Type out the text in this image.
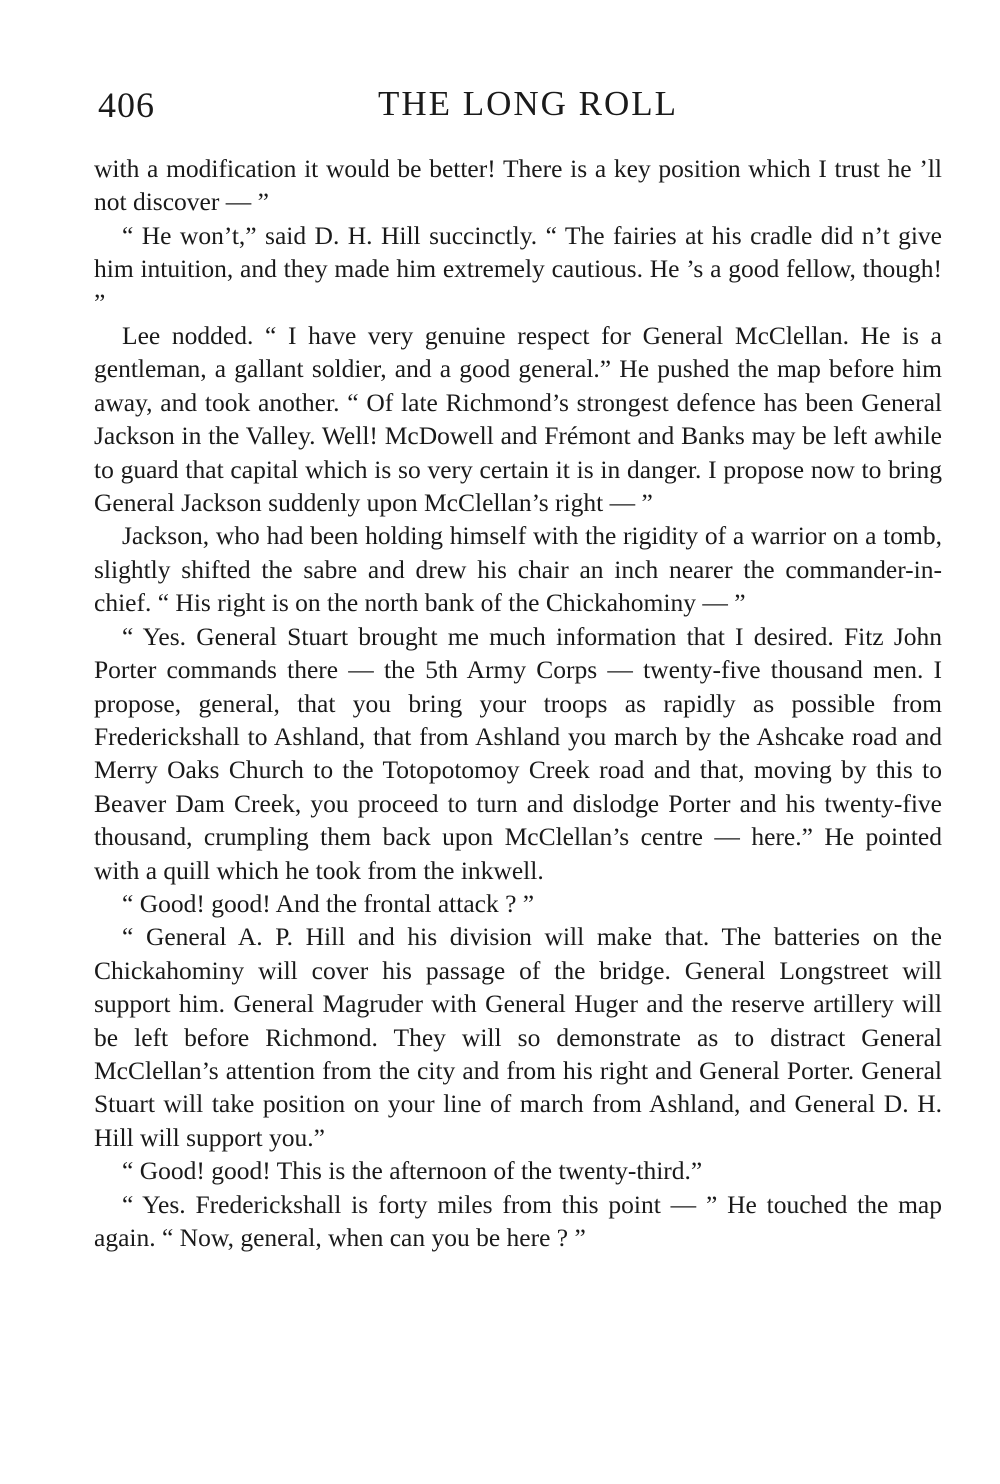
406	THE LONG ROLL

with a modification it would be better! There is a key position which I trust he ’ll not discover — ”

“ He won’t,” said D. H. Hill succinctly. “ The fairies at his cradle did n’t give him intuition, and they made him extremely cautious. He ’s a good fellow, though! ”

Lee nodded. “ I have very genuine respect for General McClellan. He is a gentleman, a gallant soldier, and a good general.” He pushed the map before him away, and took another. “ Of late Richmond’s strongest defence has been General Jackson in the Valley. Well! McDowell and Frémont and Banks may be left awhile to guard that capital which is so very certain it is in danger. I propose now to bring General Jackson suddenly upon McClellan’s right — ”

Jackson, who had been holding himself with the rigidity of a warrior on a tomb, slightly shifted the sabre and drew his chair an inch nearer the commander-in-chief. “ His right is on the north bank of the Chickahominy — ”

“ Yes. General Stuart brought me much information that I desired. Fitz John Porter commands there — the 5th Army Corps — twenty-five thousand men. I propose, general, that you bring your troops as rapidly as possible from Frederickshall to Ashland, that from Ashland you march by the Ashcake road and Merry Oaks Church to the Totopotomoy Creek road and that, moving by this to Beaver Dam Creek, you proceed to turn and dislodge Porter and his twenty-five thousand, crumpling them back upon McClellan’s centre — here.” He pointed with a quill which he took from the inkwell.

“ Good! good! And the frontal attack ? ”

“ General A. P. Hill and his division will make that. The batteries on the Chickahominy will cover his passage of the bridge. General Longstreet will support him. General Magruder with General Huger and the reserve artillery will be left before Richmond. They will so demonstrate as to distract General McClellan’s attention from the city and from his right and General Porter. General Stuart will take position on your line of march from Ashland, and General D. H. Hill will support you.”

“ Good! good! This is the afternoon of the twenty-third.”

“ Yes. Frederickshall is forty miles from this point — ” He touched the map again. “ Now, general, when can you be here ? ”
